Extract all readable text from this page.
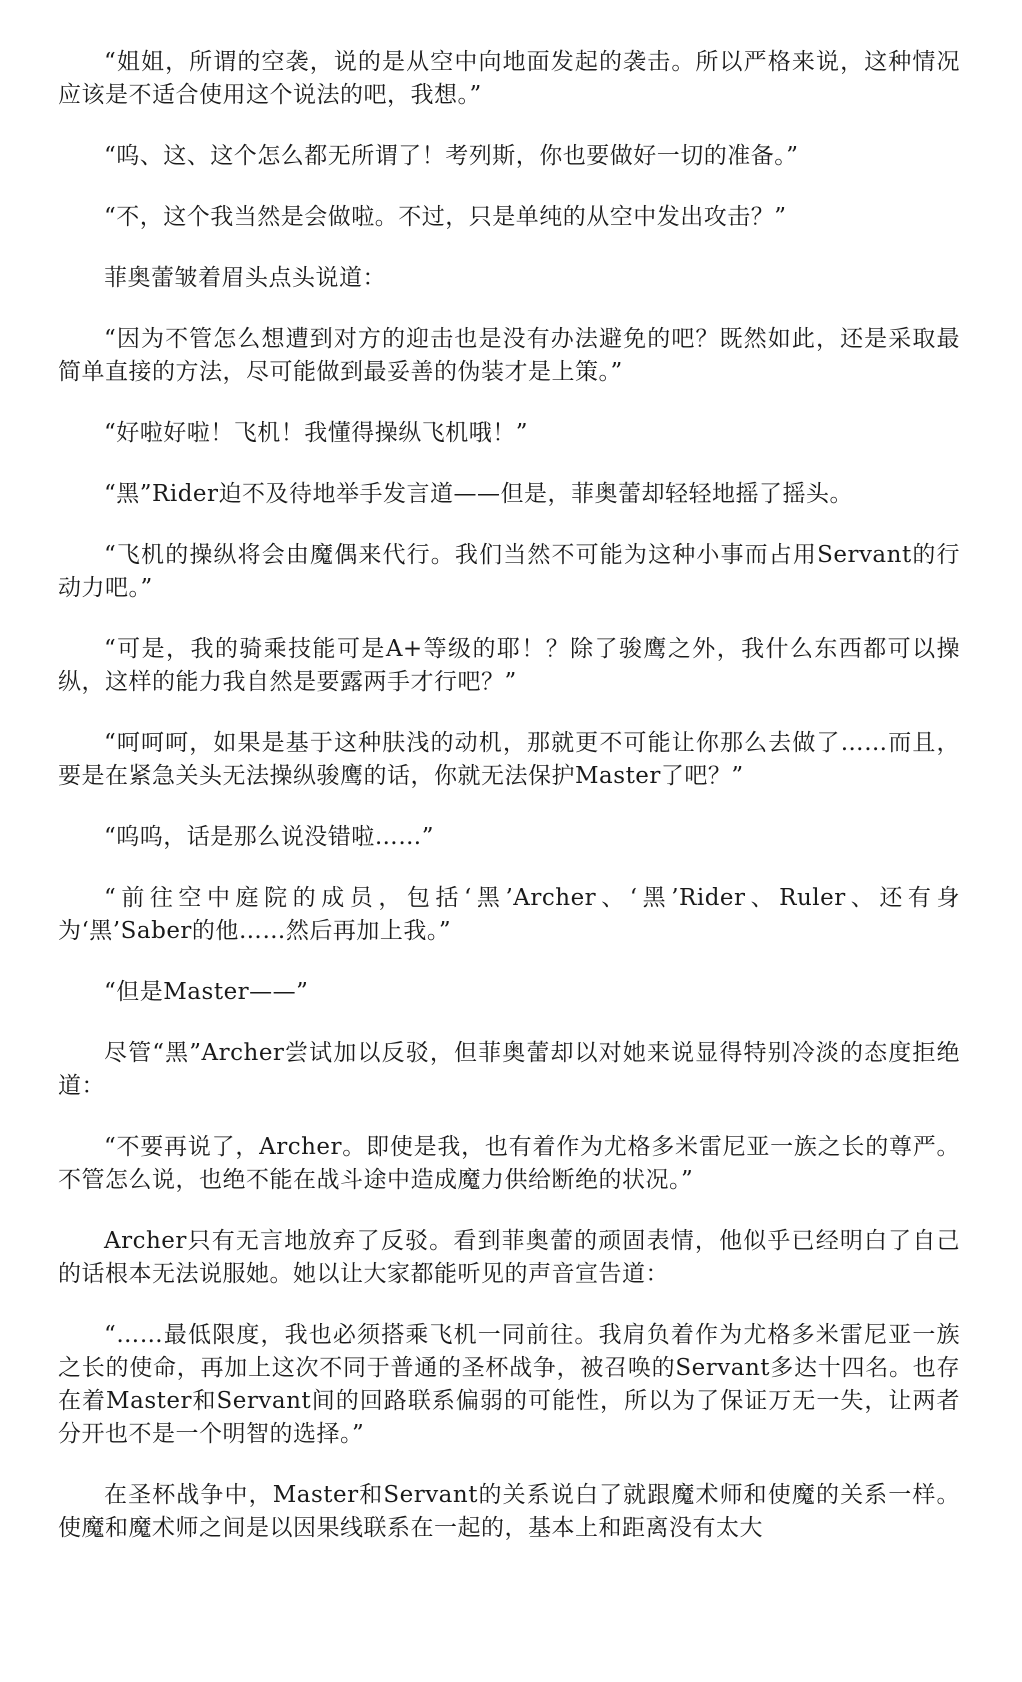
“姐姐，所谓的空袭，说的是从空中向地面发起的袭击。所以严格来说，这种情况应该是不适合使用这个说法的吧，我想。”

“呜、这、这个怎么都无所谓了！考列斯，你也要做好一切的准备。”

“不，这个我当然是会做啦。不过，只是单纯的从空中发出攻击？”

菲奥蕾皱着眉头点头说道：

“因为不管怎么想遭到对方的迎击也是没有办法避免的吧？既然如此，还是采取最简单直接的方法，尽可能做到最妥善的伪装才是上策。”

“好啦好啦！飞机！我懂得操纵飞机哦！”

“黑”Rider迫不及待地举手发言道——但是，菲奥蕾却轻轻地摇了摇头。

“飞机的操纵将会由魔偶来代行。我们当然不可能为这种小事而占用Servant的行动力吧。”

“可是，我的骑乘技能可是A+等级的耶！？除了骏鹰之外，我什么东西都可以操纵，这样的能力我自然是要露两手才行吧？”

“呵呵呵，如果是基于这种肤浅的动机，那就更不可能让你那么去做了……而且，要是在紧急关头无法操纵骏鹰的话，你就无法保护Master了吧？”

“呜呜，话是那么说没错啦……”

“前往空中庭院的成员，包括‘黑’Archer、‘黑’Rider、Ruler、还有身为‘黑’Saber的他……然后再加上我。”

“但是Master——”

尽管“黑”Archer尝试加以反驳，但菲奥蕾却以对她来说显得特别冷淡的态度拒绝道：

“不要再说了，Archer。即使是我，也有着作为尤格多米雷尼亚一族之长的尊严。不管怎么说，也绝不能在战斗途中造成魔力供给断绝的状况。”

Archer只有无言地放弃了反驳。看到菲奥蕾的顽固表情，他似乎已经明白了自己的话根本无法说服她。她以让大家都能听见的声音宣告道：

“……最低限度，我也必须搭乘飞机一同前往。我肩负着作为尤格多米雷尼亚一族之长的使命，再加上这次不同于普通的圣杯战争，被召唤的Servant多达十四名。也存在着Master和Servant间的回路联系偏弱的可能性，所以为了保证万无一失，让两者分开也不是一个明智的选择。”

在圣杯战争中，Master和Servant的关系说白了就跟魔术师和使魔的关系一样。使魔和魔术师之间是以因果线联系在一起的，基本上和距离没有太大
